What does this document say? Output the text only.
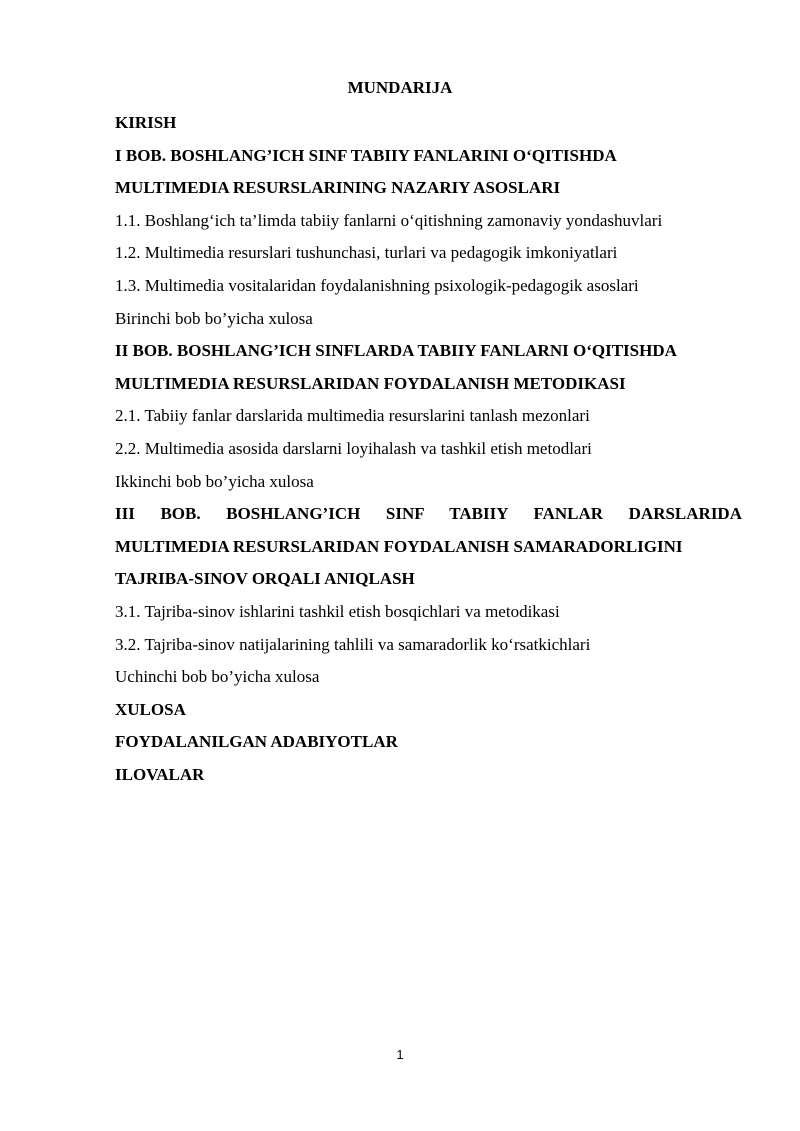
MUNDARIJA

KIRISH

I BOB. BOSHLANG’ICH SINF TABIIY FANLARINI O‘QITISHDA

MULTIMEDIA RESURSLARINING NAZARIY ASOSLARI

1.1. Boshlang‘ich ta’limda tabiiy fanlarni o‘qitishning zamonaviy yondashuvlari

1.2. Multimedia resurslari tushunchasi, turlari va pedagogik imkoniyatlari

1.3. Multimedia vositalaridan foydalanishning psixologik-pedagogik asoslari

Birinchi bob bo’yicha xulosa

II BOB. BOSHLANG’ICH SINFLARDA TABIIY FANLARNI O‘QITISHDA

MULTIMEDIA RESURSLARIDAN FOYDALANISH METODIKASI

2.1. Tabiiy fanlar darslarida multimedia resurslarini tanlash mezonlari

2.2. Multimedia asosida darslarni loyihalash va tashkil etish metodlari

Ikkinchi bob bo’yicha xulosa

III BOB. BOSHLANG’ICH SINF TABIIY FANLAR DARSLARIDA

MULTIMEDIA RESURSLARIDAN FOYDALANISH SAMARADORLIGINI

TAJRIBA-SINOV ORQALI ANIQLASH

3.1. Tajriba-sinov ishlarini tashkil etish bosqichlari va metodikasi

3.2. Tajriba-sinov natijalarining tahlili va samaradorlik ko‘rsatkichlari

Uchinchi bob bo’yicha xulosa

XULOSA

FOYDALANILGAN ADABIYOTLAR

ILOVALAR

1
